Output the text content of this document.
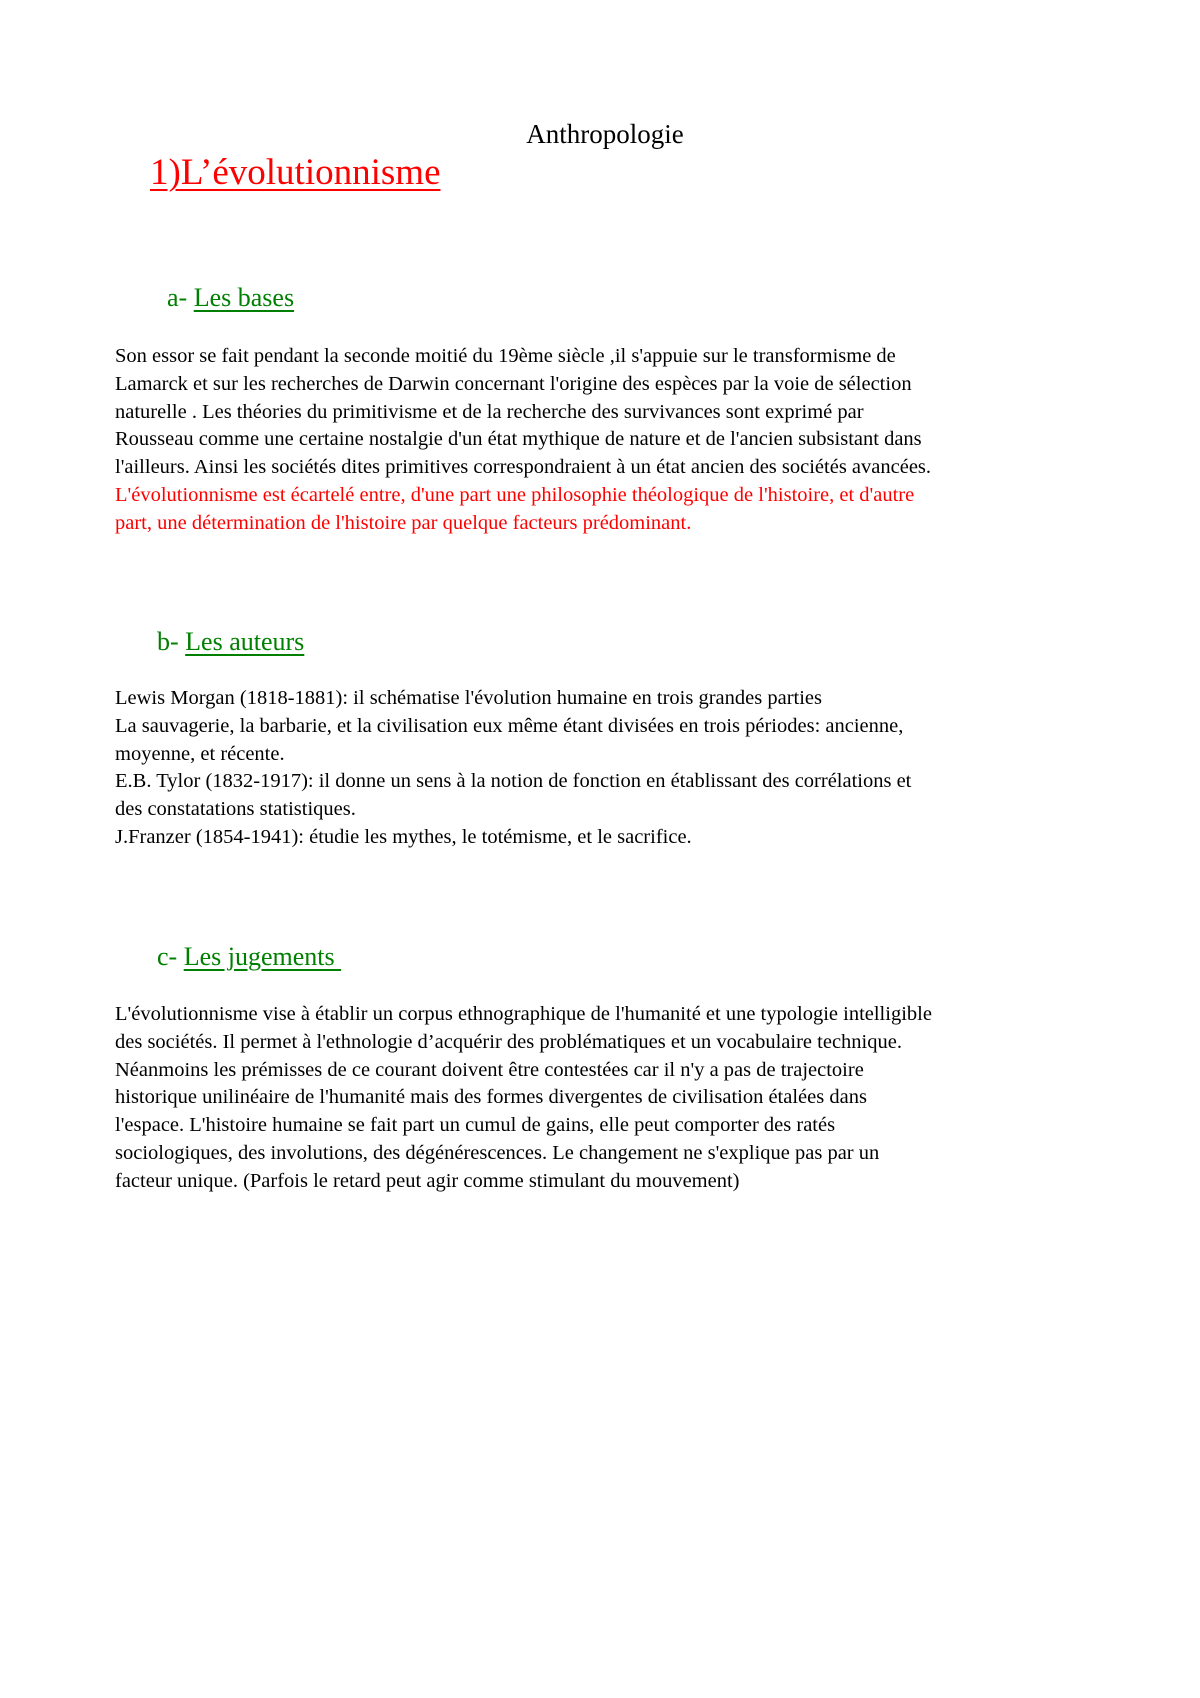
Anthropologie
1)L’évolutionnisme
a- Les bases
Son essor se fait pendant la seconde moitié du 19ème siècle ,il s'appuie sur le transformisme de
Lamarck et sur les recherches de Darwin concernant l'origine des espèces par la voie de sélection
naturelle . Les théories du primitivisme et de la recherche des survivances sont exprimé par
Rousseau comme une certaine nostalgie d'un état mythique de nature et de l'ancien subsistant dans
l'ailleurs. Ainsi les sociétés dites primitives correspondraient à un état ancien des sociétés avancées.
L'évolutionnisme est écartelé entre, d'une part une philosophie théologique de l'histoire, et d'autre
part, une détermination de l'histoire par quelque facteurs prédominant.
b- Les auteurs
Lewis Morgan (1818-1881): il schématise l'évolution humaine en trois grandes parties
La sauvagerie, la barbarie, et la civilisation eux même étant divisées en trois périodes: ancienne,
moyenne, et récente.
E.B. Tylor (1832-1917): il donne un sens à la notion de fonction en établissant des corrélations et
des constatations statistiques.
J.Franzer (1854-1941): étudie les mythes, le totémisme, et le sacrifice.
c- Les jugements
L'évolutionnisme vise à établir un corpus ethnographique de l'humanité et une typologie intelligible
des sociétés. Il permet à l'ethnologie d’acquérir des problématiques et un vocabulaire technique.
Néanmoins les prémisses de ce courant doivent être contestées car il n'y a pas de trajectoire
historique unilinéaire de l'humanité mais des formes divergentes de civilisation étalées dans
l'espace. L'histoire humaine se fait part un cumul de gains, elle peut comporter des ratés
sociologiques, des involutions, des dégénérescences. Le changement ne s'explique pas par un
facteur unique. (Parfois le retard peut agir comme stimulant du mouvement)
